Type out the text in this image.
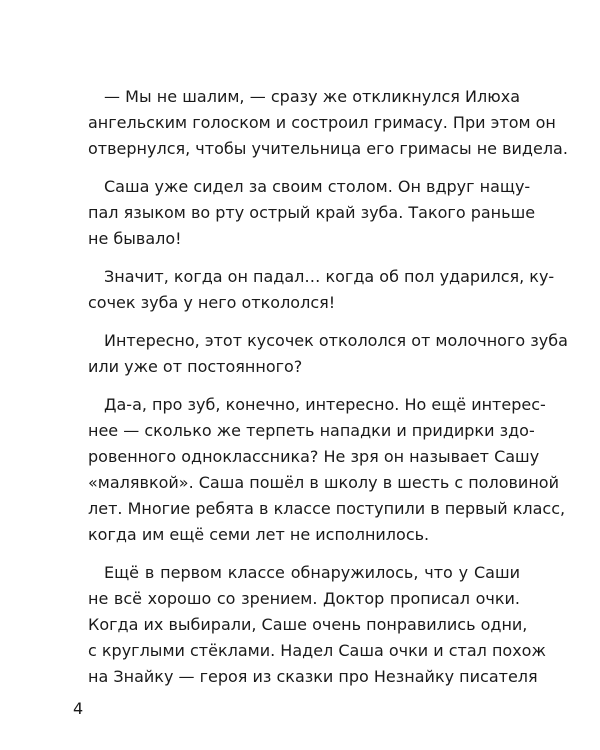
— Мы не шалим, — сразу же откликнулся Илюха
ангельским голоском и состроил гримасу. При этом он
отвернулся, чтобы учительница его гримасы не видела.

Саша уже сидел за своим столом. Он вдруг нащу-
пал языком во рту острый край зуба. Такого раньше
не бывало!

Значит, когда он падал… когда об пол ударился, ку-
сочек зуба у него откололся!

Интересно, этот кусочек откололся от молочного зуба
или уже от постоянного?

Да-а, про зуб, конечно, интересно. Но ещё интерес-
нее — сколько же терпеть нападки и придирки здо-
ровенного одноклассника? Не зря он называет Сашу
«малявкой». Саша пошёл в школу в шесть с половиной
лет. Многие ребята в классе поступили в первый класс,
когда им ещё семи лет не исполнилось.

Ещё в первом классе обнаружилось, что у Саши
не всё хорошо со зрением. Доктор прописал очки.
Когда их выбирали, Саше очень понравились одни,
с круглыми стёклами. Надел Саша очки и стал похож
на Знайку — героя из сказки про Незнайку писателя

4
